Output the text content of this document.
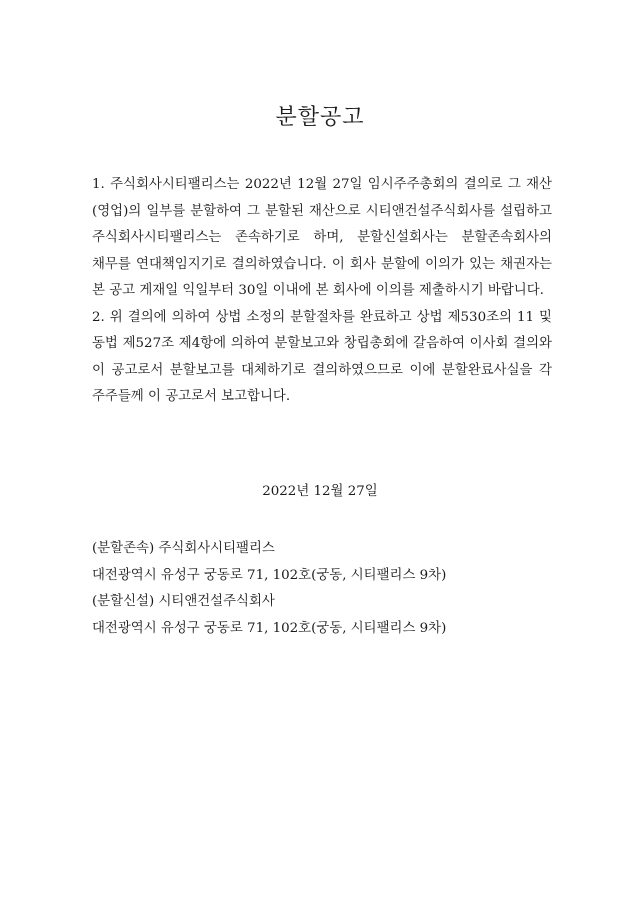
분할공고

1. 주식회사시티팰리스는 2022년 12월 27일 임시주주총회의 결의로 그 재산(영업)의 일부를 분할하여 그 분할된 재산으로 시티앤건설주식회사를 설립하고 주식회사시티팰리스는 존속하기로 하며, 분할신설회사는 분할존속회사의 채무를 연대책임지기로 결의하였습니다. 이 회사 분할에 이의가 있는 채권자는 본 공고 게재일 익일부터 30일 이내에 본 회사에 이의를 제출하시기 바랍니다.

2. 위 결의에 의하여 상법 소정의 분할절차를 완료하고 상법 제530조의 11 및 동법 제527조 제4항에 의하여 분할보고와 창립총회에 갈음하여 이사회 결의와 이 공고로서 분할보고를 대체하기로 결의하였으므로 이에 분할완료사실을 각 주주들께 이 공고로서 보고합니다.

2022년 12월 27일
(분할존속) 주식회사시티팰리스
대전광역시 유성구 궁동로 71, 102호(궁동, 시티팰리스 9차)
(분할신설) 시티앤건설주식회사
대전광역시 유성구 궁동로 71, 102호(궁동, 시티팰리스 9차)
